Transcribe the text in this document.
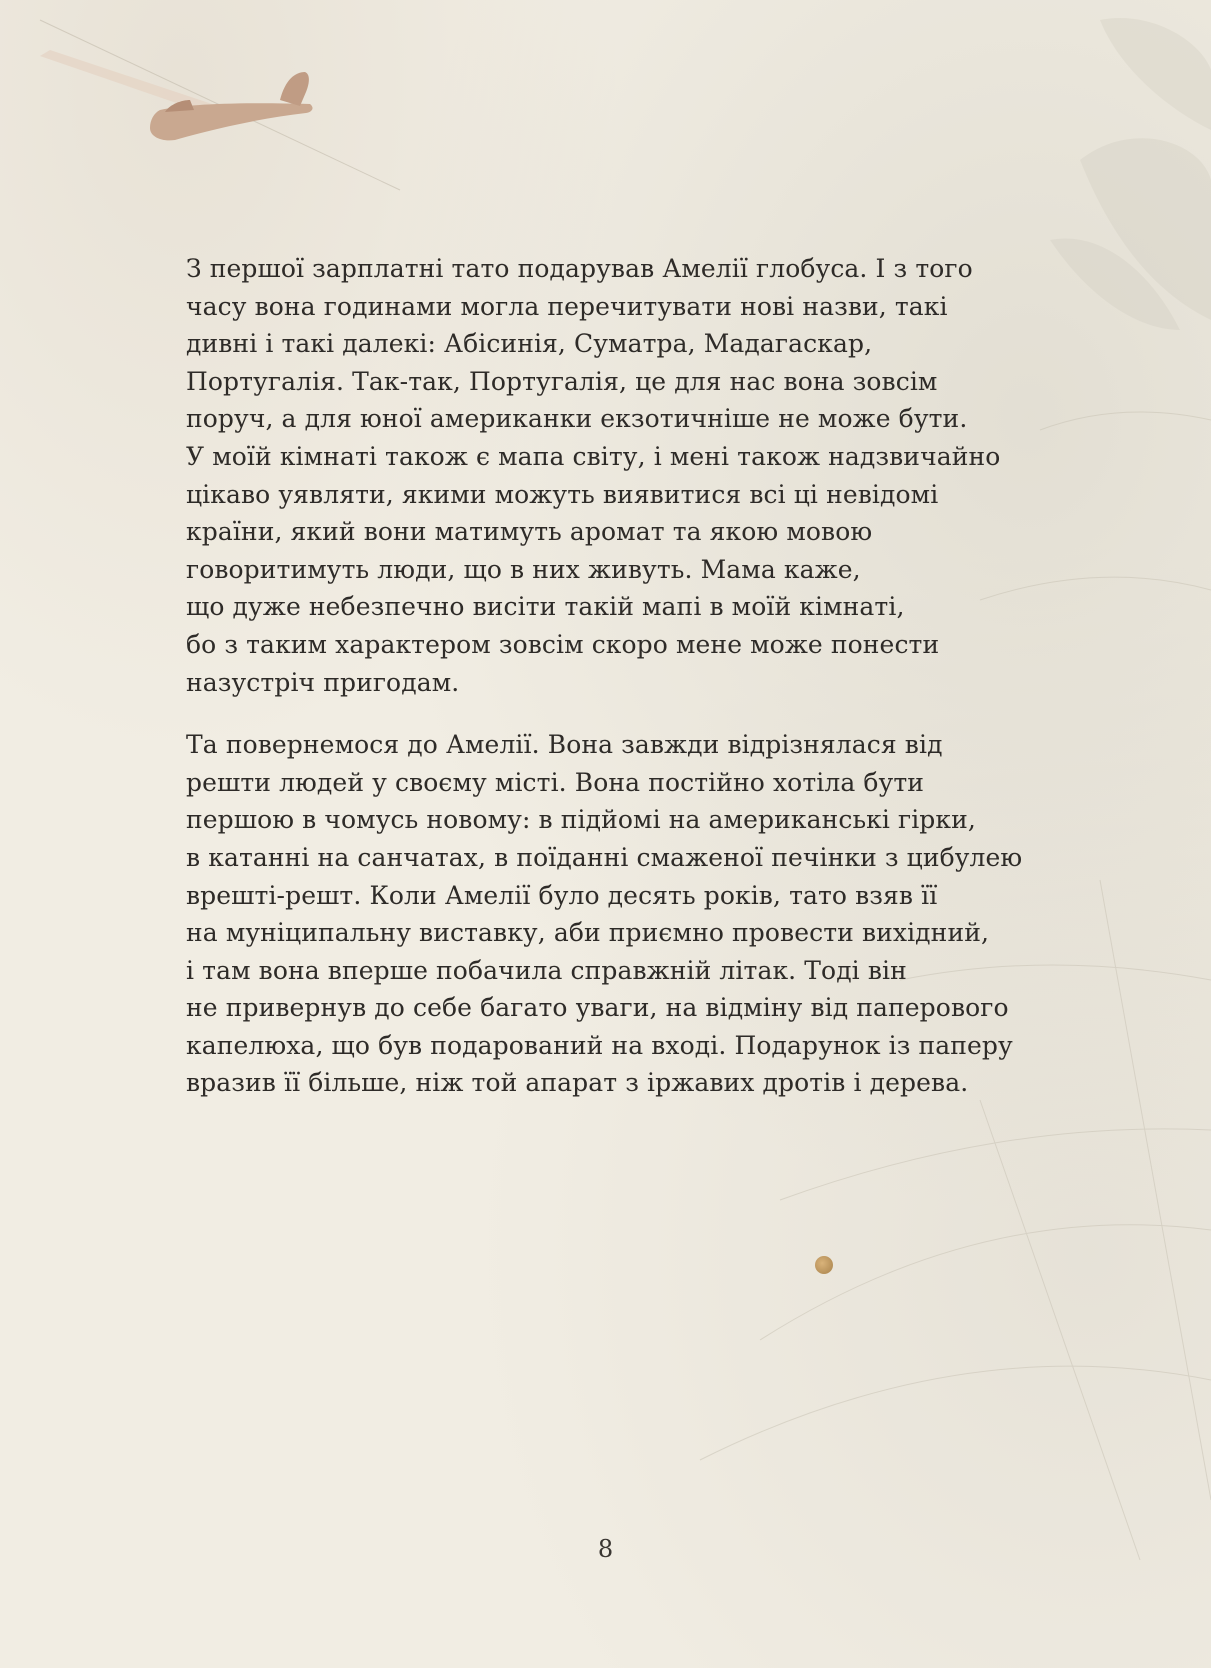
З першої зарплатні тато подарував Амелії глобуса. І з того
часу вона годинами могла перечитувати нові назви, такі
дивні і такі далекі: Абісинія, Суматра, Мадагаскар,
Португалія. Так-так, Португалія, це для нас вона зовсім
поруч, а для юної американки екзотичніше не може бути.
У моїй кімнаті також є мапа світу, і мені також надзвичайно
цікаво уявляти, якими можуть виявитися всі ці невідомі
країни, який вони матимуть аромат та якою мовою
говоритимуть люди, що в них живуть. Мама каже,
що дуже небезпечно висіти такій мапі в моїй кімнаті,
бо з таким характером зовсім скоро мене може понести
назустріч пригодам.

Та повернемося до Амелії. Вона завжди відрізнялася від
решти людей у своєму місті. Вона постійно хотіла бути
першою в чомусь новому: в підйомі на американські гірки,
в катанні на санчатах, в поїданні смаженої печінки з цибулею
врешті-решт. Коли Амелії було десять років, тато взяв її
на муніципальну виставку, аби приємно провести вихідний,
і там вона вперше побачила справжній літак. Тоді він
не привернув до себе багато уваги, на відміну від паперового
капелюха, що був подарований на вході. Подарунок із паперу
вразив її більше, ніж той апарат з іржавих дротів і дерева.

8
